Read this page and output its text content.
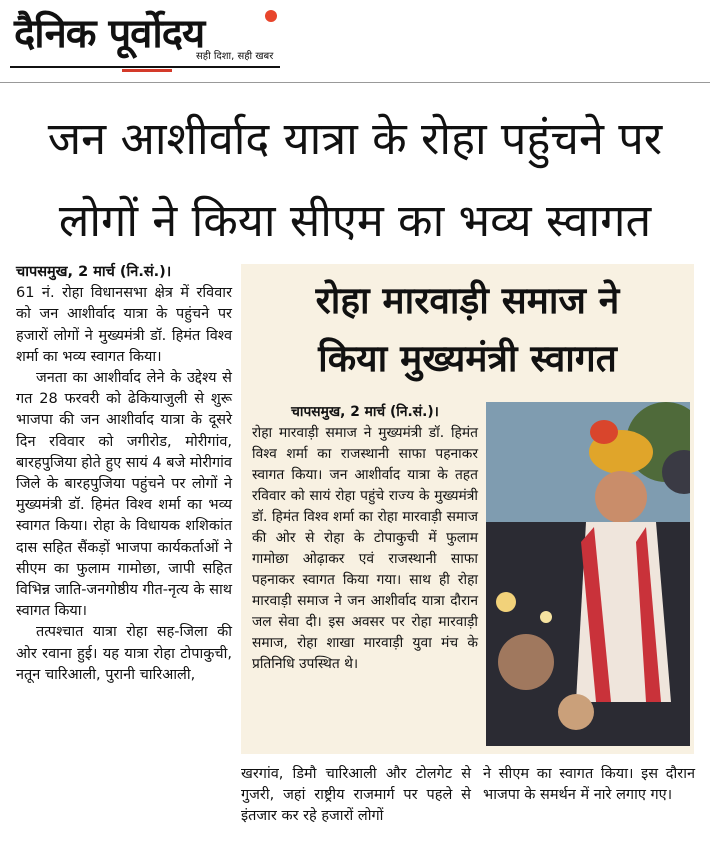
दैनिक पूर्वोदय
सही दिशा, सही खबर
जन आशीर्वाद यात्रा के रोहा पहुंचने पर
लोगों ने किया सीएम का भव्य स्वागत

चापसमुख, 2 मार्च (नि.सं.)।

61 नं. रोहा विधानसभा क्षेत्र में रविवार को जन आशीर्वाद यात्रा के पहुंचने पर हजारों लोगों ने मुख्यमंत्री डॉ. हिमंत विश्व शर्मा का भव्य स्वागत किया।

जनता का आशीर्वाद लेने के उद्देश्य से गत 28 फरवरी को ढेकियाजुली से शुरू भाजपा की जन आशीर्वाद यात्रा के दूसरे दिन रविवार को जगीरोड, मोरीगांव, बारहपुजिया होते हुए सायं 4 बजे मोरीगांव जिले के बारहपुजिया पहुंचने पर लोगों ने मुख्यमंत्री डॉ. हिमंत विश्व शर्मा का भव्य स्वागत किया। रोहा के विधायक शशिकांत दास सहित सैंकड़ों भाजपा कार्यकर्ताओं ने सीएम का फुलाम गामोछा, जापी सहित विभिन्न जाति-जनगोष्ठीय गीत-नृत्य के साथ स्वागत किया।

तत्पश्चात यात्रा रोहा सह-जिला की ओर रवाना हुई। यह यात्रा रोहा टोपाकुची, नतून चारिआली, पुरानी चारिआली,

रोहा मारवाड़ी समाज ने
किया मुख्यमंत्री स्वागत

चापसमुख, 2 मार्च (नि.सं.)।

रोहा मारवाड़ी समाज ने मुख्यमंत्री डॉ. हिमंत विश्व शर्मा का राजस्थानी साफा पहनाकर स्वागत किया। जन आशीर्वाद यात्रा के तहत रविवार को सायं रोहा पहुंचे राज्य के मुख्यमंत्री डॉ. हिमंत विश्व शर्मा का रोहा मारवाड़ी समाज की ओर से रोहा के टोपाकुची में फुलाम गामोछा ओढ़ाकर एवं राजस्थानी साफा पहनाकर स्वागत किया गया। साथ ही रोहा मारवाड़ी समाज ने जन आशीर्वाद यात्रा दौरान जल सेवा दी। इस अवसर पर रोहा मारवाड़ी समाज, रोहा शाखा मारवाड़ी युवा मंच के प्रतिनिधि उपस्थित थे।

खरगांव, डिमौ चारिआली और टोलगेट से गुजरी, जहां राष्ट्रीय राजमार्ग पर पहले से इंतजार कर रहे हजारों लोगों

ने सीएम का स्वागत किया। इस दौरान भाजपा के समर्थन में नारे लगाए गए।
